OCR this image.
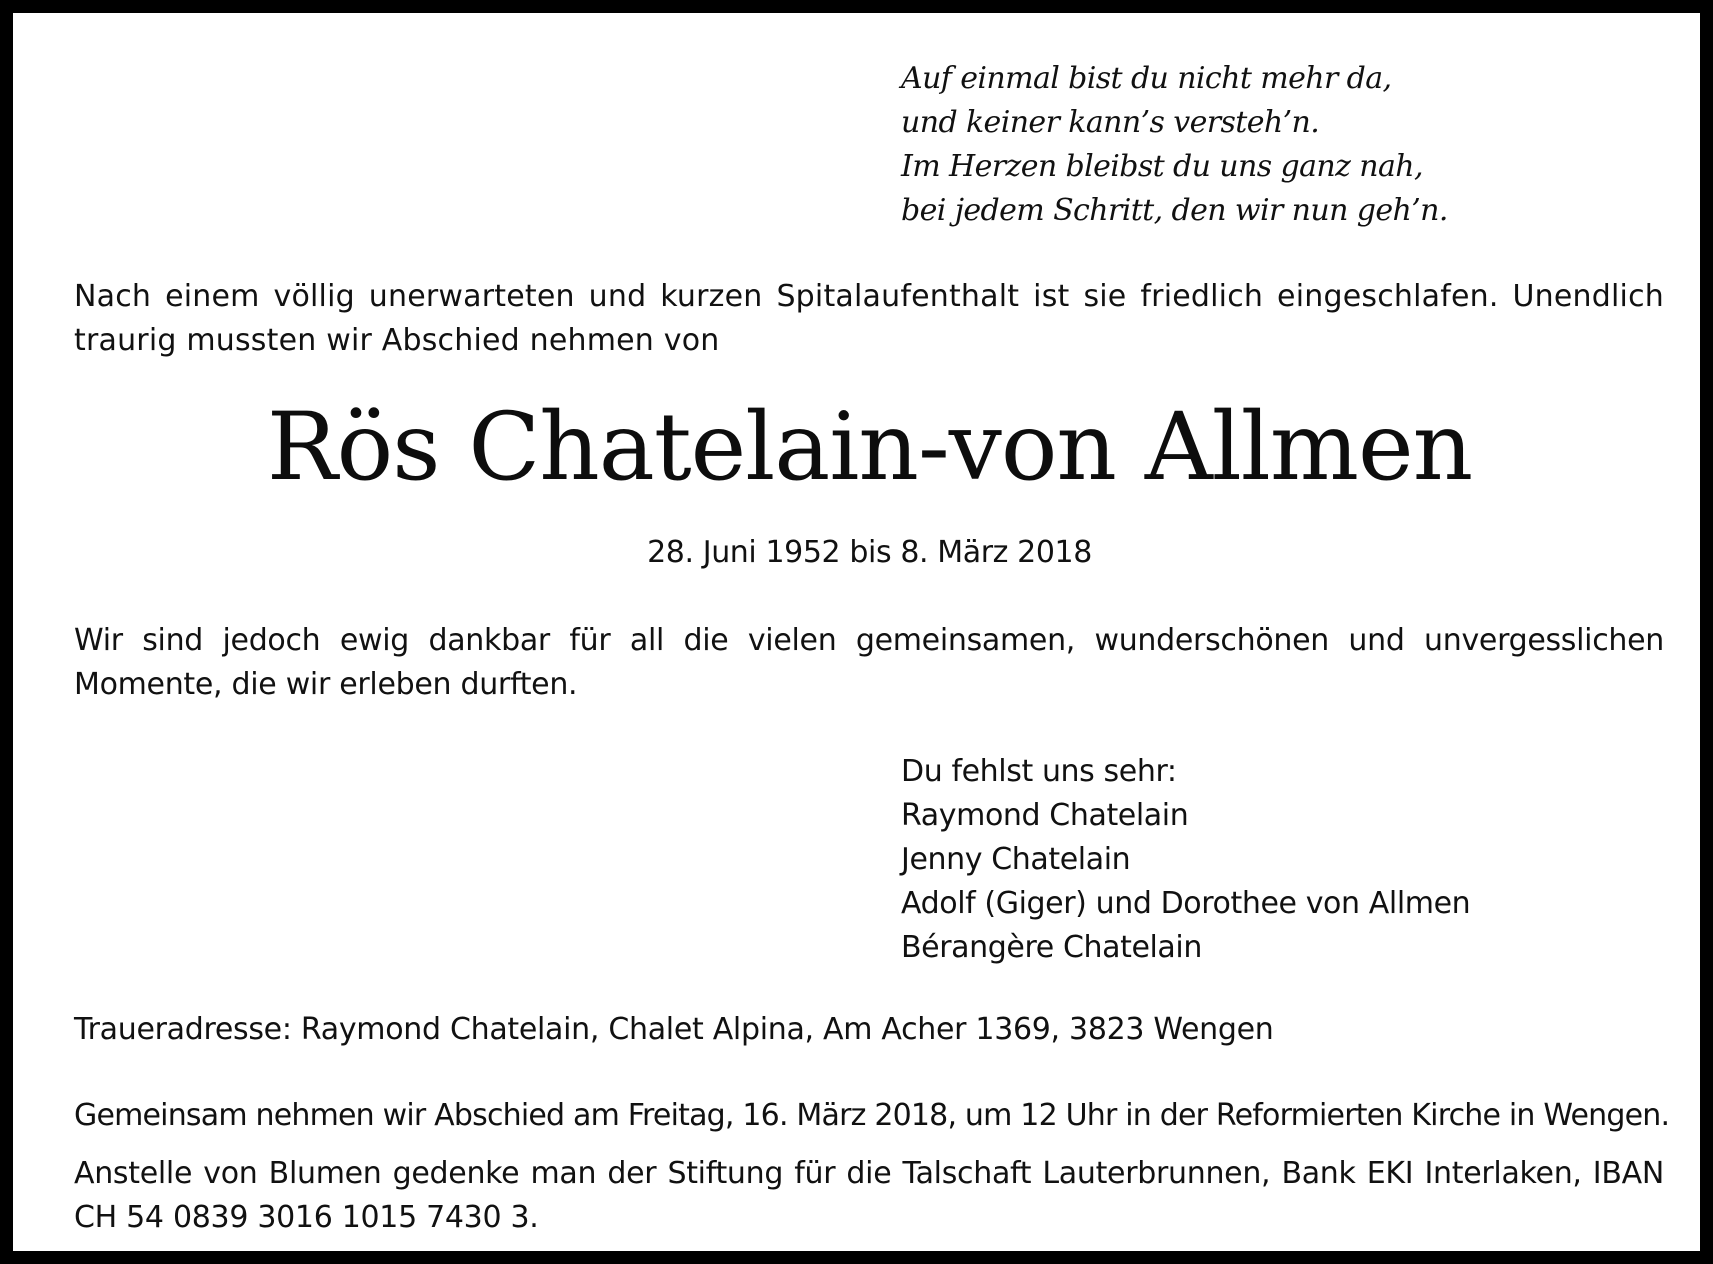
Auf einmal bist du nicht mehr da,
und keiner kann’s versteh’n.
Im Herzen bleibst du uns ganz nah,
bei jedem Schritt, den wir nun geh’n.
Nach einem völlig unerwarteten und kurzen Spitalaufenthalt ist sie friedlich eingeschlafen. Unendlich traurig mussten wir Abschied nehmen von
Rös Chatelain-von Allmen
28. Juni 1952 bis 8. März 2018
Wir sind jedoch ewig dankbar für all die vielen gemeinsamen, wunderschönen und unvergesslichen Momente, die wir erleben durften.
Du fehlst uns sehr:
Raymond Chatelain
Jenny Chatelain
Adolf (Giger) und Dorothee von Allmen
Bérangère Chatelain
Traueradresse: Raymond Chatelain, Chalet Alpina, Am Acher 1369, 3823 Wengen
Gemeinsam nehmen wir Abschied am Freitag, 16. März 2018, um 12 Uhr in der Reformierten Kirche in Wengen.
Anstelle von Blumen gedenke man der Stiftung für die Talschaft Lauterbrunnen, Bank EKI Interlaken, IBAN CH 54 0839 3016 1015 7430 3.
